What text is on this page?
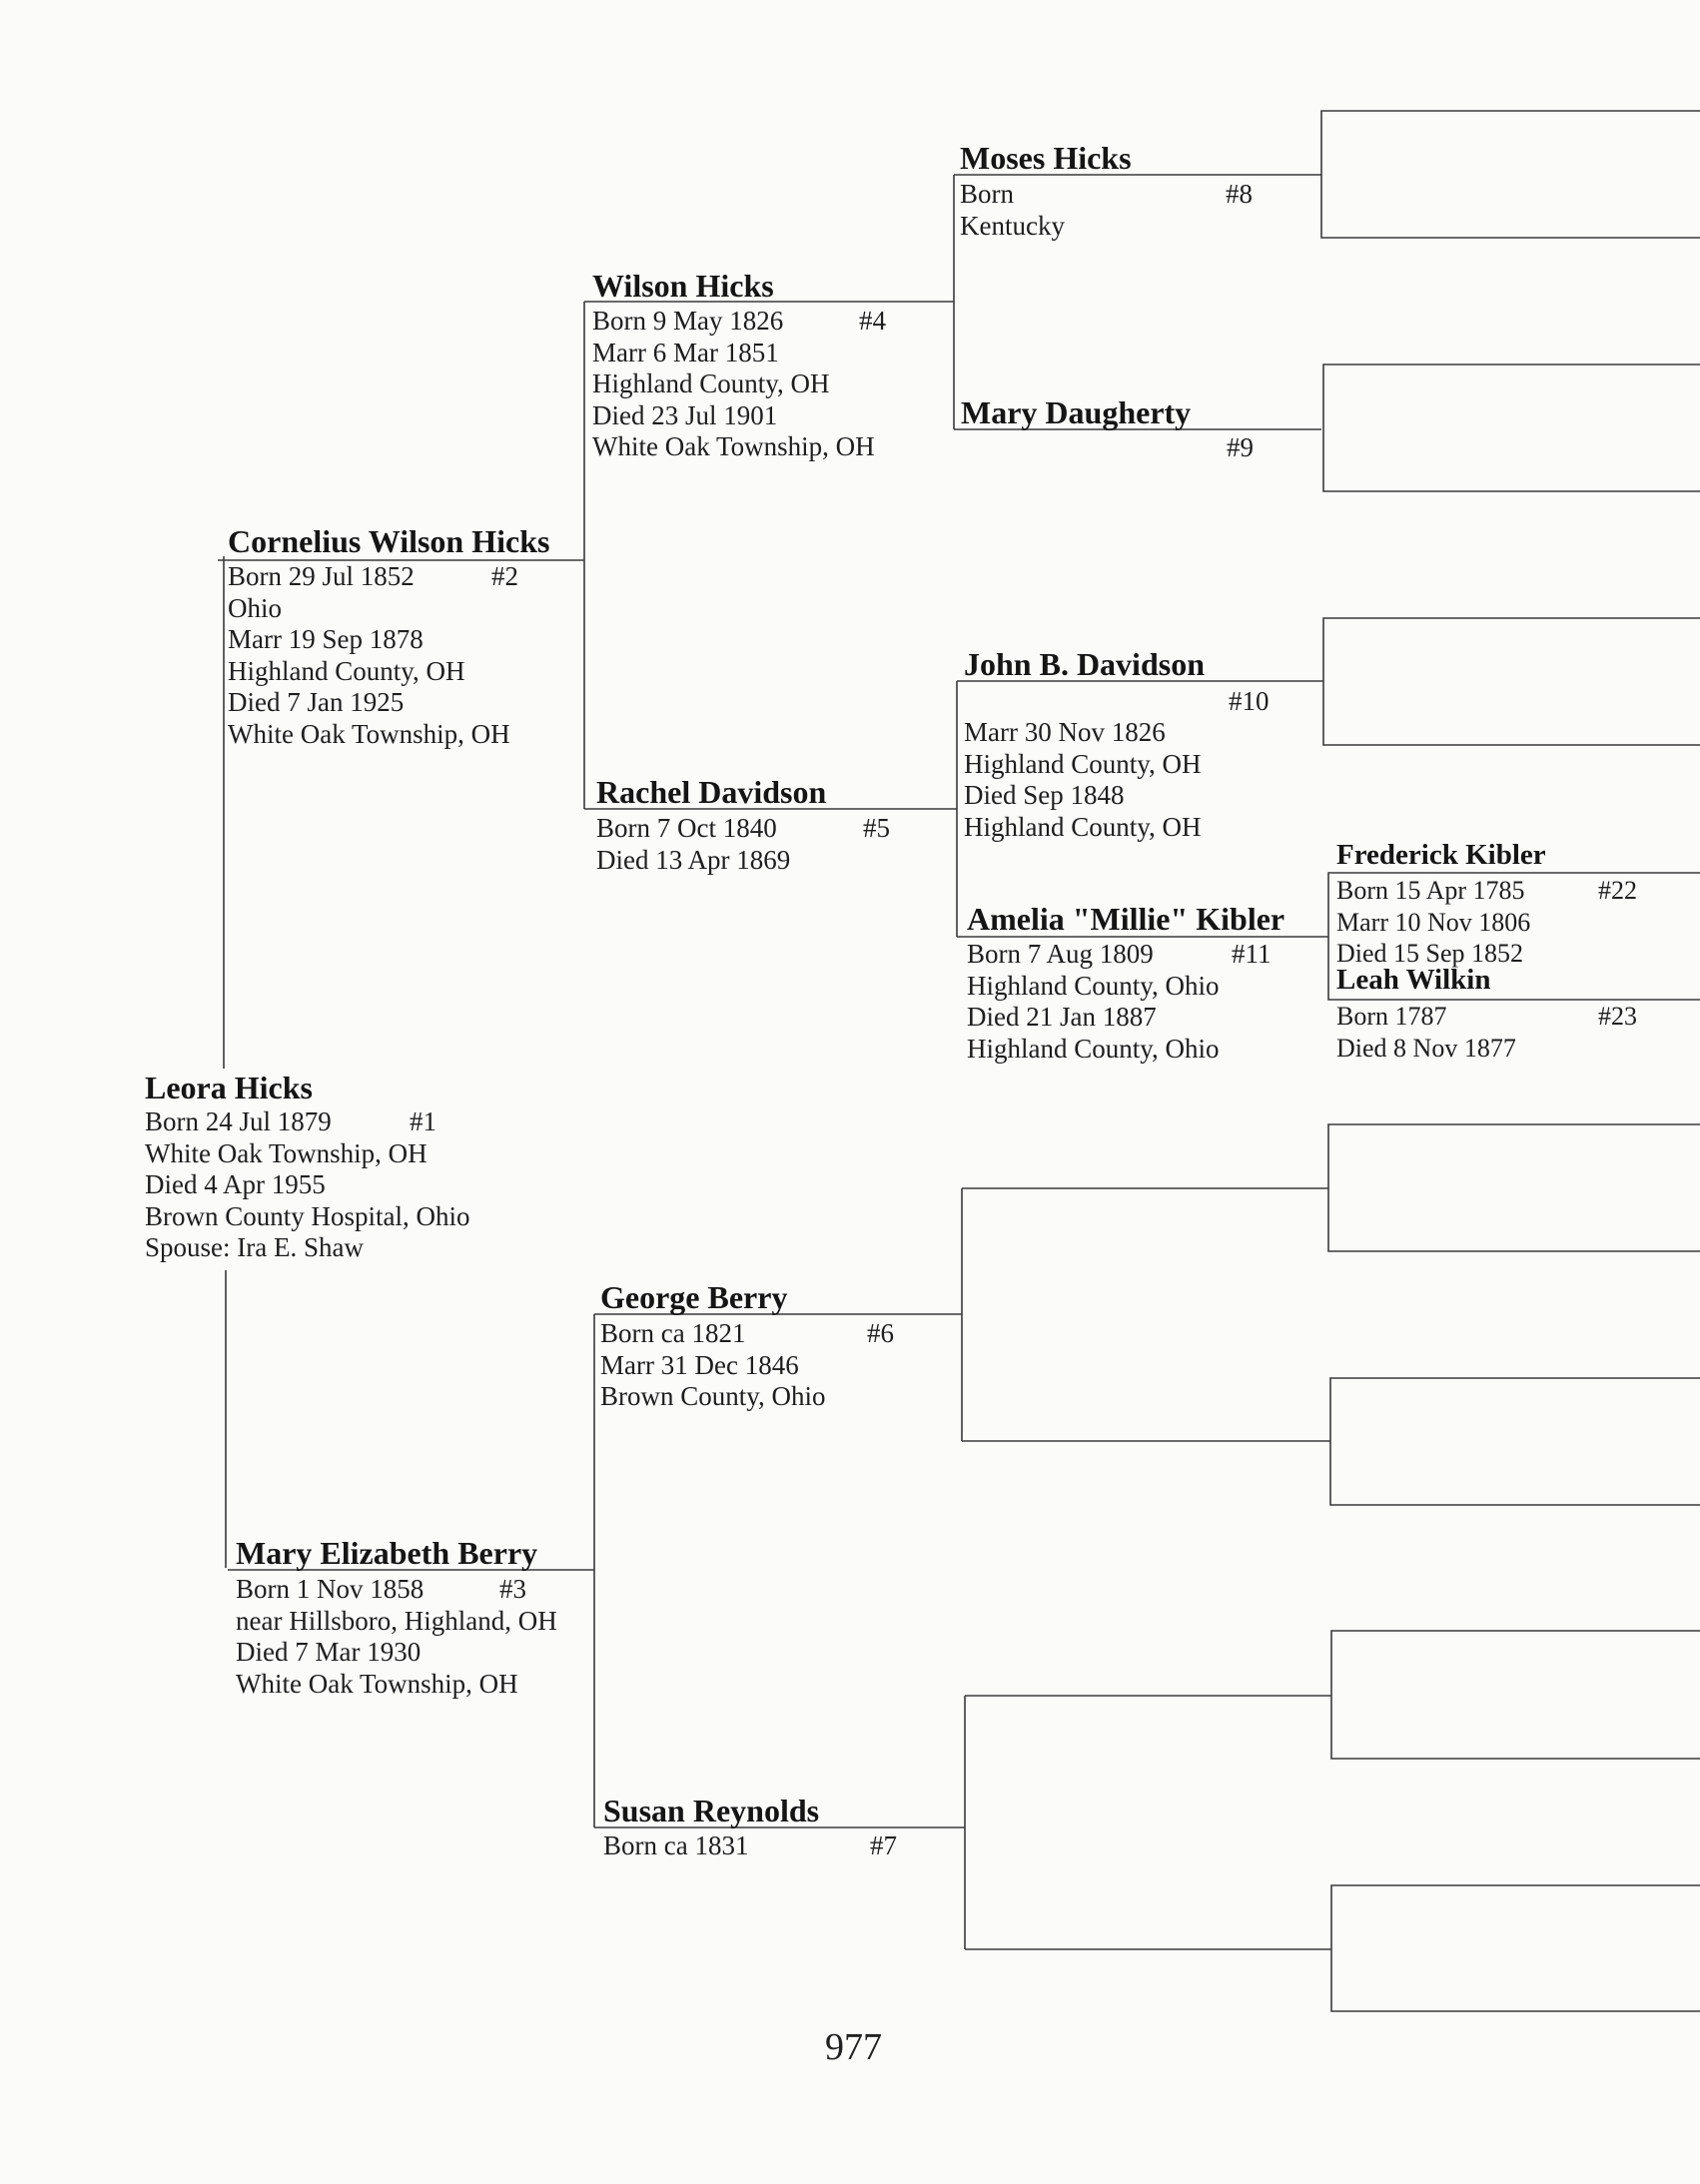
Leora Hicks
#1
Born 24 Jul 1879
White Oak Township, OH
Died 4 Apr 1955
Brown County Hospital, Ohio
Spouse: Ira E. Shaw
Cornelius Wilson Hicks
#2
Born 29 Jul 1852
Ohio
Marr 19 Sep 1878
Highland County, OH
Died 7 Jan 1925
White Oak Township, OH
Mary Elizabeth Berry
#3
Born 1 Nov 1858
near Hillsboro, Highland, OH
Died 7 Mar 1930
White Oak Township, OH
Wilson Hicks
#4
Born 9 May 1826
Marr 6 Mar 1851
Highland County, OH
Died 23 Jul 1901
White Oak Township, OH
Rachel Davidson
#5
Born 7 Oct 1840
Died 13 Apr 1869
George Berry
#6
Born ca 1821
Marr 31 Dec 1846
Brown County, Ohio
Susan Reynolds
#7
Born ca 1831
Moses Hicks
#8
Born
Kentucky
Mary Daugherty
#9
John B. Davidson
#10
Marr 30 Nov 1826
Highland County, OH
Died Sep 1848
Highland County, OH
Amelia "Millie" Kibler
#11
Born 7 Aug 1809
Highland County, Ohio
Died 21 Jan 1887
Highland County, Ohio
Frederick Kibler
#22
Born 15 Apr 1785
Marr 10 Nov 1806
Died 15 Sep 1852
Leah Wilkin
#23
Born 1787
Died 8 Nov 1877
977
